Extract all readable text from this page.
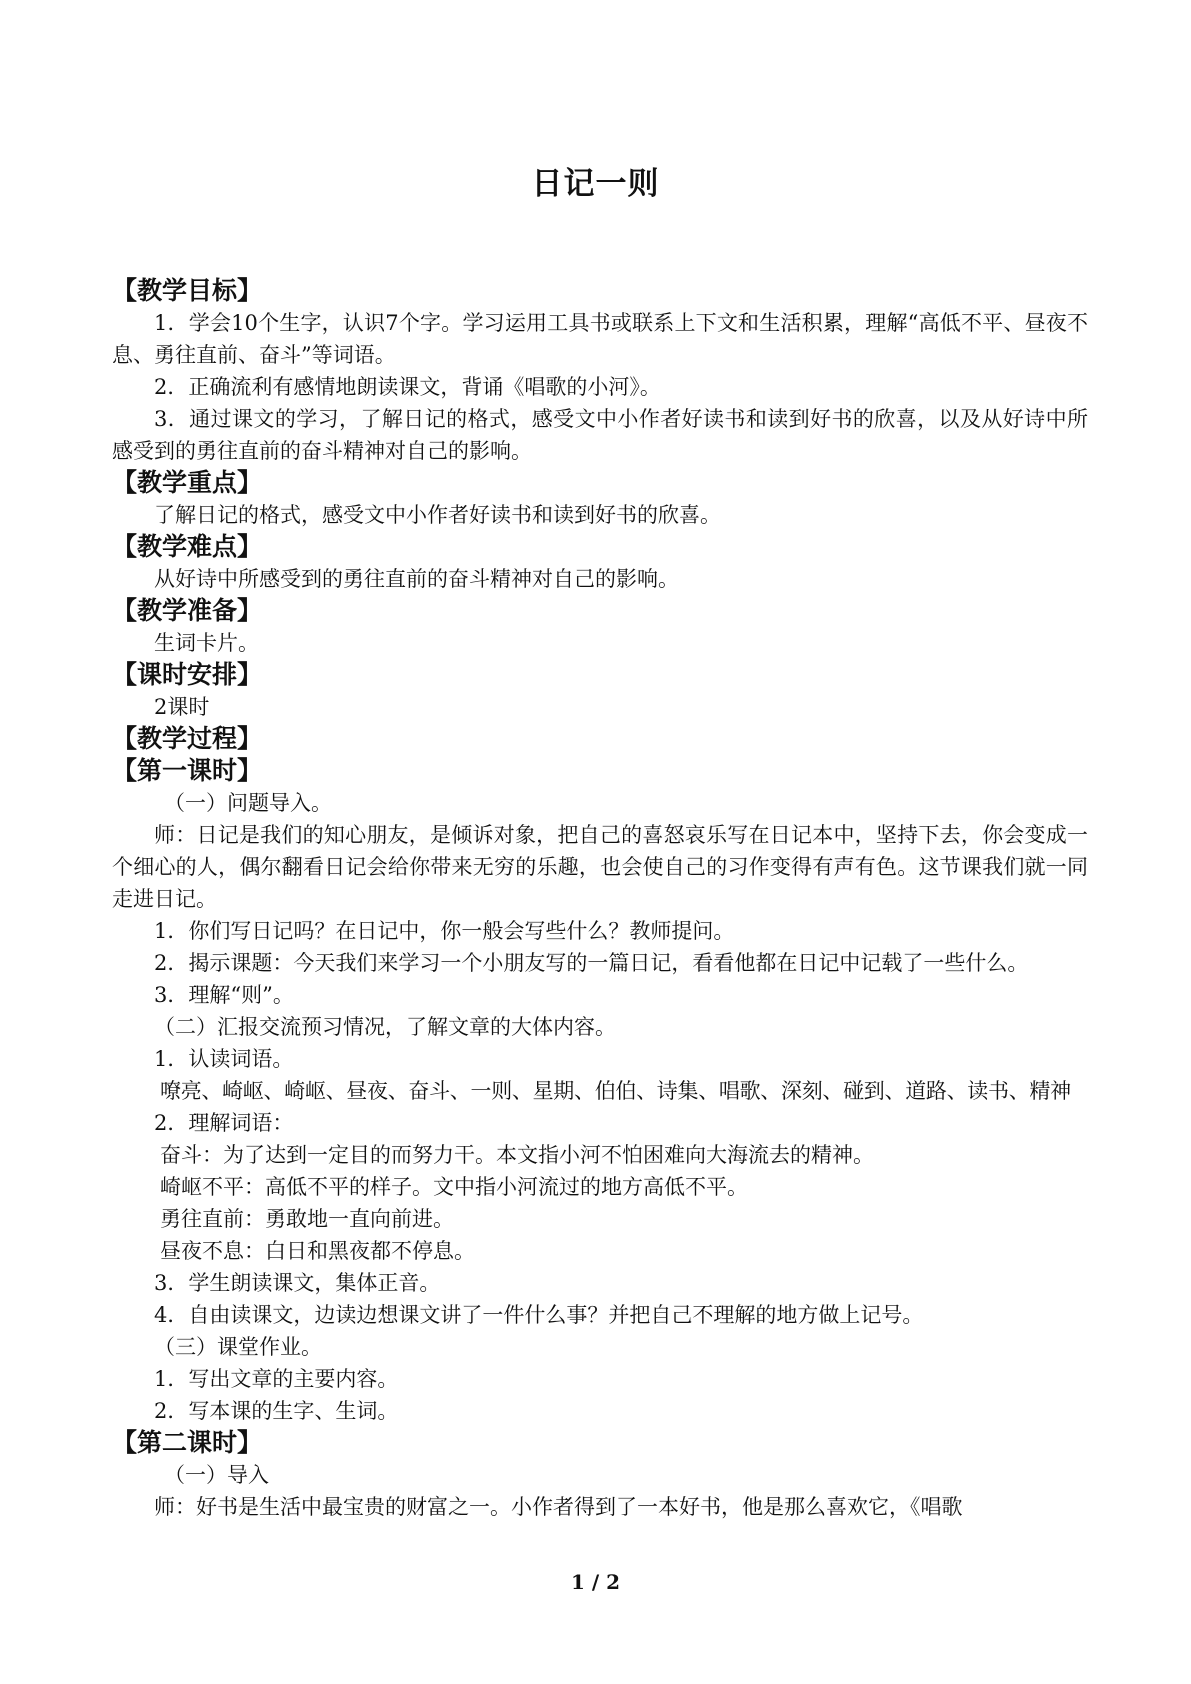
日记一则

【教学目标】

1．学会10个生字，认识7个字。学习运用工具书或联系上下文和生活积累，理解“高低不平、昼夜不息、勇往直前、奋斗”等词语。

2．正确流利有感情地朗读课文，背诵《唱歌的小河》。

3．通过课文的学习，了解日记的格式，感受文中小作者好读书和读到好书的欣喜，以及从好诗中所感受到的勇往直前的奋斗精神对自己的影响。

【教学重点】

了解日记的格式，感受文中小作者好读书和读到好书的欣喜。

【教学难点】

从好诗中所感受到的勇往直前的奋斗精神对自己的影响。

【教学准备】

生词卡片。

【课时安排】

2课时

【教学过程】

【第一课时】

（一）问题导入。

师：日记是我们的知心朋友，是倾诉对象，把自己的喜怒哀乐写在日记本中，坚持下去，你会变成一个细心的人，偶尔翻看日记会给你带来无穷的乐趣，也会使自己的习作变得有声有色。这节课我们就一同走进日记。

1．你们写日记吗？在日记中，你一般会写些什么？教师提问。

2．揭示课题：今天我们来学习一个小朋友写的一篇日记，看看他都在日记中记载了一些什么。

3．理解“则”。

（二）汇报交流预习情况，了解文章的大体内容。

1．认读词语。

嘹亮、崎岖、崎岖、昼夜、奋斗、一则、星期、伯伯、诗集、唱歌、深刻、碰到、道路、读书、精神

2．理解词语：

奋斗：为了达到一定目的而努力干。本文指小河不怕困难向大海流去的精神。

崎岖不平：高低不平的样子。文中指小河流过的地方高低不平。

勇往直前：勇敢地一直向前进。

昼夜不息：白日和黑夜都不停息。

3．学生朗读课文，集体正音。

4．自由读课文，边读边想课文讲了一件什么事？并把自己不理解的地方做上记号。

（三）课堂作业。

1．写出文章的主要内容。

2．写本课的生字、生词。

【第二课时】

（一）导入

师：好书是生活中最宝贵的财富之一。小作者得到了一本好书，他是那么喜欢它，《唱歌

1 / 2
